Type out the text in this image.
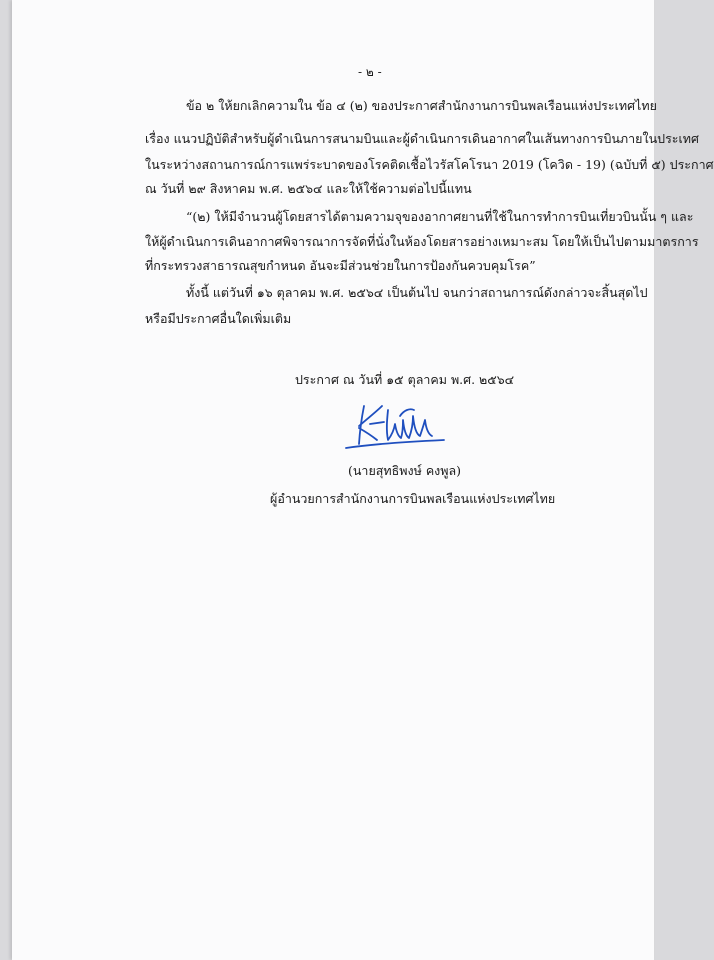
- ๒ -
ข้อ ๒ ให้ยกเลิกความใน ข้อ ๔ (๒) ของประกาศสำนักงานการบินพลเรือนแห่งประเทศไทย
เรื่อง แนวปฏิบัติสำหรับผู้ดำเนินการสนามบินและผู้ดำเนินการเดินอากาศในเส้นทางการบินภายในประเทศ
ในระหว่างสถานการณ์การแพร่ระบาดของโรคติดเชื้อไวรัสโคโรนา 2019 (โควิด - 19) (ฉบับที่ ๕) ประกาศ
ณ วันที่ ๒๙ สิงหาคม พ.ศ. ๒๕๖๔ และให้ใช้ความต่อไปนี้แทน
“(๒) ให้มีจำนวนผู้โดยสารได้ตามความจุของอากาศยานที่ใช้ในการทำการบินเที่ยวบินนั้น ๆ และ
ให้ผู้ดำเนินการเดินอากาศพิจารณาการจัดที่นั่งในห้องโดยสารอย่างเหมาะสม โดยให้เป็นไปตามมาตรการ
ที่กระทรวงสาธารณสุขกำหนด อันจะมีส่วนช่วยในการป้องกันควบคุมโรค”
ทั้งนี้ แต่วันที่ ๑๖ ตุลาคม พ.ศ. ๒๕๖๔ เป็นต้นไป จนกว่าสถานการณ์ดังกล่าวจะสิ้นสุดไป
หรือมีประกาศอื่นใดเพิ่มเติม
ประกาศ ณ วันที่ ๑๕ ตุลาคม พ.ศ. ๒๕๖๔
(นายสุทธิพงษ์ คงพูล)
ผู้อำนวยการสำนักงานการบินพลเรือนแห่งประเทศไทย
